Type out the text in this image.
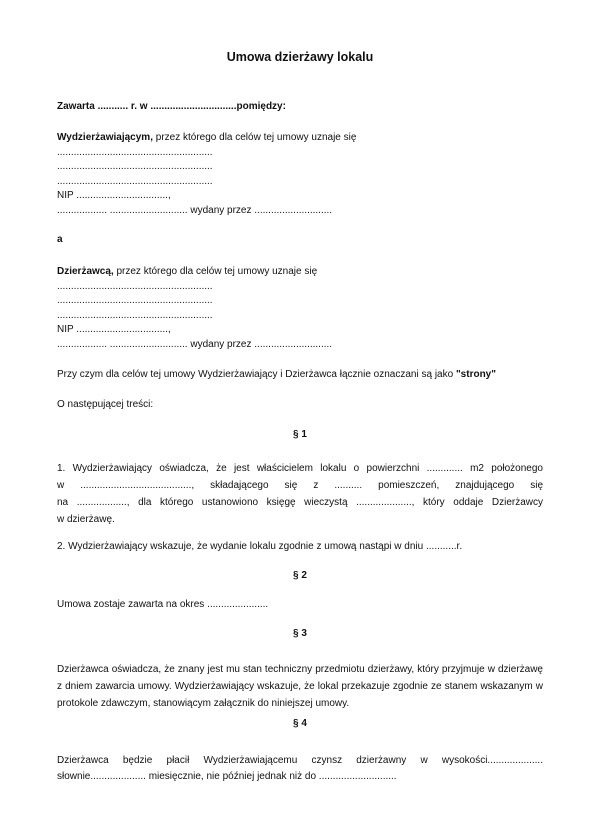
Umowa dzierżawy lokalu
Zawarta ........... r. w ...............................pomiędzy:
Wydzierżawiającym, przez którego dla celów tej umowy uznaje się
........................................................
........................................................
........................................................
NIP .................................,
.................. ............................ wydany przez ............................
a
Dzierżawcą, przez którego dla celów tej umowy uznaje się
........................................................
........................................................
........................................................
NIP .................................,
.................. ............................ wydany przez ............................
Przy czym dla celów tej umowy Wydzierżawiający i Dzierżawca łącznie oznaczani są jako "strony"
O następującej treści:
§ 1
1. Wydzierżawiający oświadcza, że jest właścicielem lokalu o powierzchni ............. m2 położonego
w ........................................, składającego się z .......... pomieszczeń, znajdującego się
na .................., dla którego ustanowiono księgę wieczystą ...................., który oddaje Dzierżawcy
w dzierżawę.
2. Wydzierżawiający wskazuje, że wydanie lokalu zgodnie z umową nastąpi w dniu ...........r.
§ 2
Umowa zostaje zawarta na okres ......................
§ 3
Dzierżawca oświadcza, że znany jest mu stan techniczny przedmiotu dzierżawy, który przyjmuje w dzierżawę
z dniem zawarcia umowy. Wydzierżawiający wskazuje, że lokal przekazuje zgodnie ze stanem wskazanym w
protokole zdawczym, stanowiącym załącznik do niniejszej umowy.
§ 4
Dzierżawca będzie płacił Wydzierżawiającemu czynsz dzierżawny w wysokości....................
słownie.................... miesięcznie, nie później jednak niż do ............................
